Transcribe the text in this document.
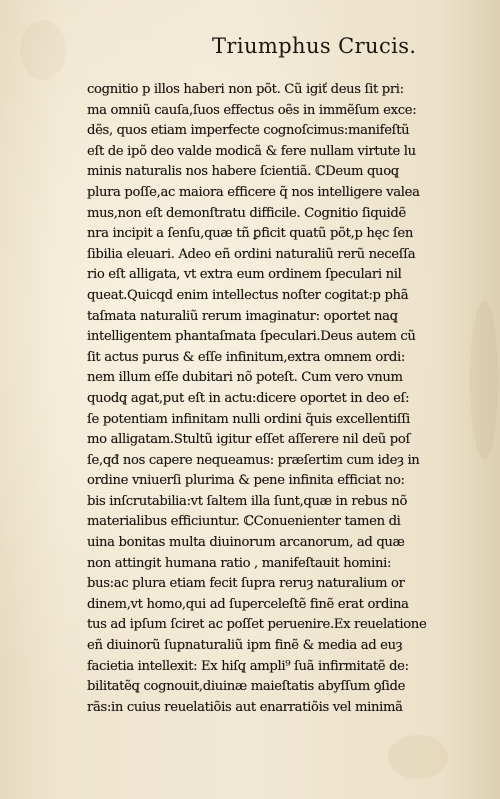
Triumphus Crucis.
cognitio p illos haberi non põt. Cũ igiť deus ſit pri:
ma omniũ cauſa,ſuos effectus oẽs in immẽſum exce:
dẽs, quos etiam imperfecte cognoſcimus:manifeſtũ
eſt de ipõ deo valde modicã & fere nullam virtute lu
minis naturalis nos habere ſcientiã. ℂDeum quoq̨
plura poſſe,ac maiora efficere q̃ nos intelligere valea
mus,non eſt demonſtratu difficile. Cognitio ſiquidẽ
nra incipit a ſenſu,quæ tñ ꝑficit quatũ põt,p hęc ſen
ſibilia eleuari. Adeo eñ ordini naturaliũ rerũ neceſſa
rio eſt alligata, vt extra eum ordinem ſpeculari nil
queat.Quicqd enim intellectus noſter cogitat:p phã
taſmata naturaliũ rerum imaginatur: oportet naq̨
intelligentem phantaſmata ſpeculari.Deus autem cũ
ſit actus purus & eſſe infinitum,extra omnem ordi:
nem illum eſſe dubitari nõ poteſt. Cum vero vnum
quodq̨ agat,put eſt in actu:dicere oportet in deo eſ:
ſe potentiam infinitam nulli ordini q̃uis excellentiſſi
mo alligatam.Stultũ igitur eſſet aſſerere nil deũ poſ
ſe,qđ nos capere nequeamus: præſertim cum ideȝ in
ordine vniuerſi plurima & pene infinita efficiat no:
bis inſcrutabilia:vt ſaltem illa ſunt,quæ in rebus nõ
materialibus efficiuntur. ℂConuenienter tamen di
uina bonitas multa diuinorum arcanorum, ad quæ
non attingit humana ratio , manifeſtauit homini:
bus:ac plura etiam fecit ſupra reruȝ naturalium or
dinem,vt homo,qui ad ſuperceleſtẽ finẽ erat ordina
tus ad ipſum ſciret ac poſſet peruenire.Ex reuelatione
eñ diuinorũ ſupnaturaliũ ipm finẽ & media ad euȝ
facietia intellexit: Ex hiſq̨ ampli⁹ ſuã infirmitatẽ de:
bilitatẽq̨ cognouit,diuinæ maieſtatis abyſſum ꝯſide
rãs:in cuius reuelatiõis aut enarratiõis vel minimã
